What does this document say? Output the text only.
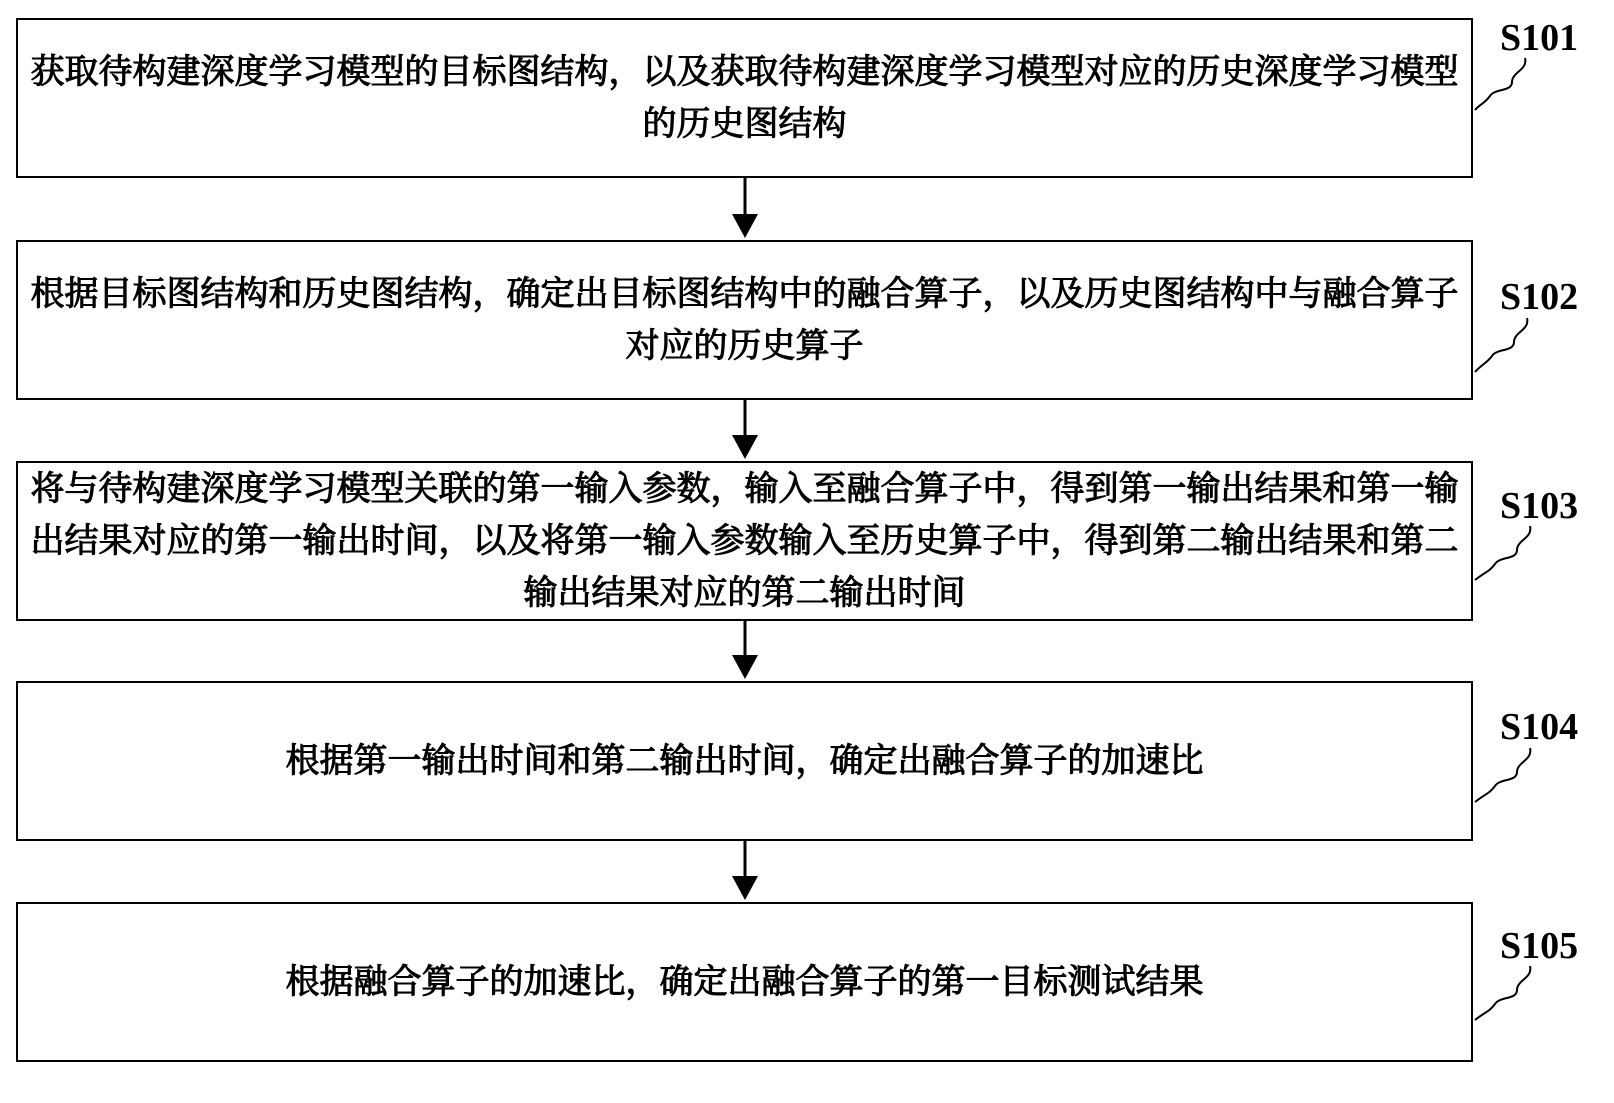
获取待构建深度学习模型的目标图结构，以及获取待构建深度学习模型对应的历史深度学习模型的历史图结构
S101
根据目标图结构和历史图结构，确定出目标图结构中的融合算子，以及历史图结构中与融合算子对应的历史算子
S102
将与待构建深度学习模型关联的第一输入参数，输入至融合算子中，得到第一输出结果和第一输出结果对应的第一输出时间，以及将第一输入参数输入至历史算子中，得到第二输出结果和第二输出结果对应的第二输出时间
S103
根据第一输出时间和第二输出时间，确定出融合算子的加速比
S104
根据融合算子的加速比，确定出融合算子的第一目标测试结果
S105
